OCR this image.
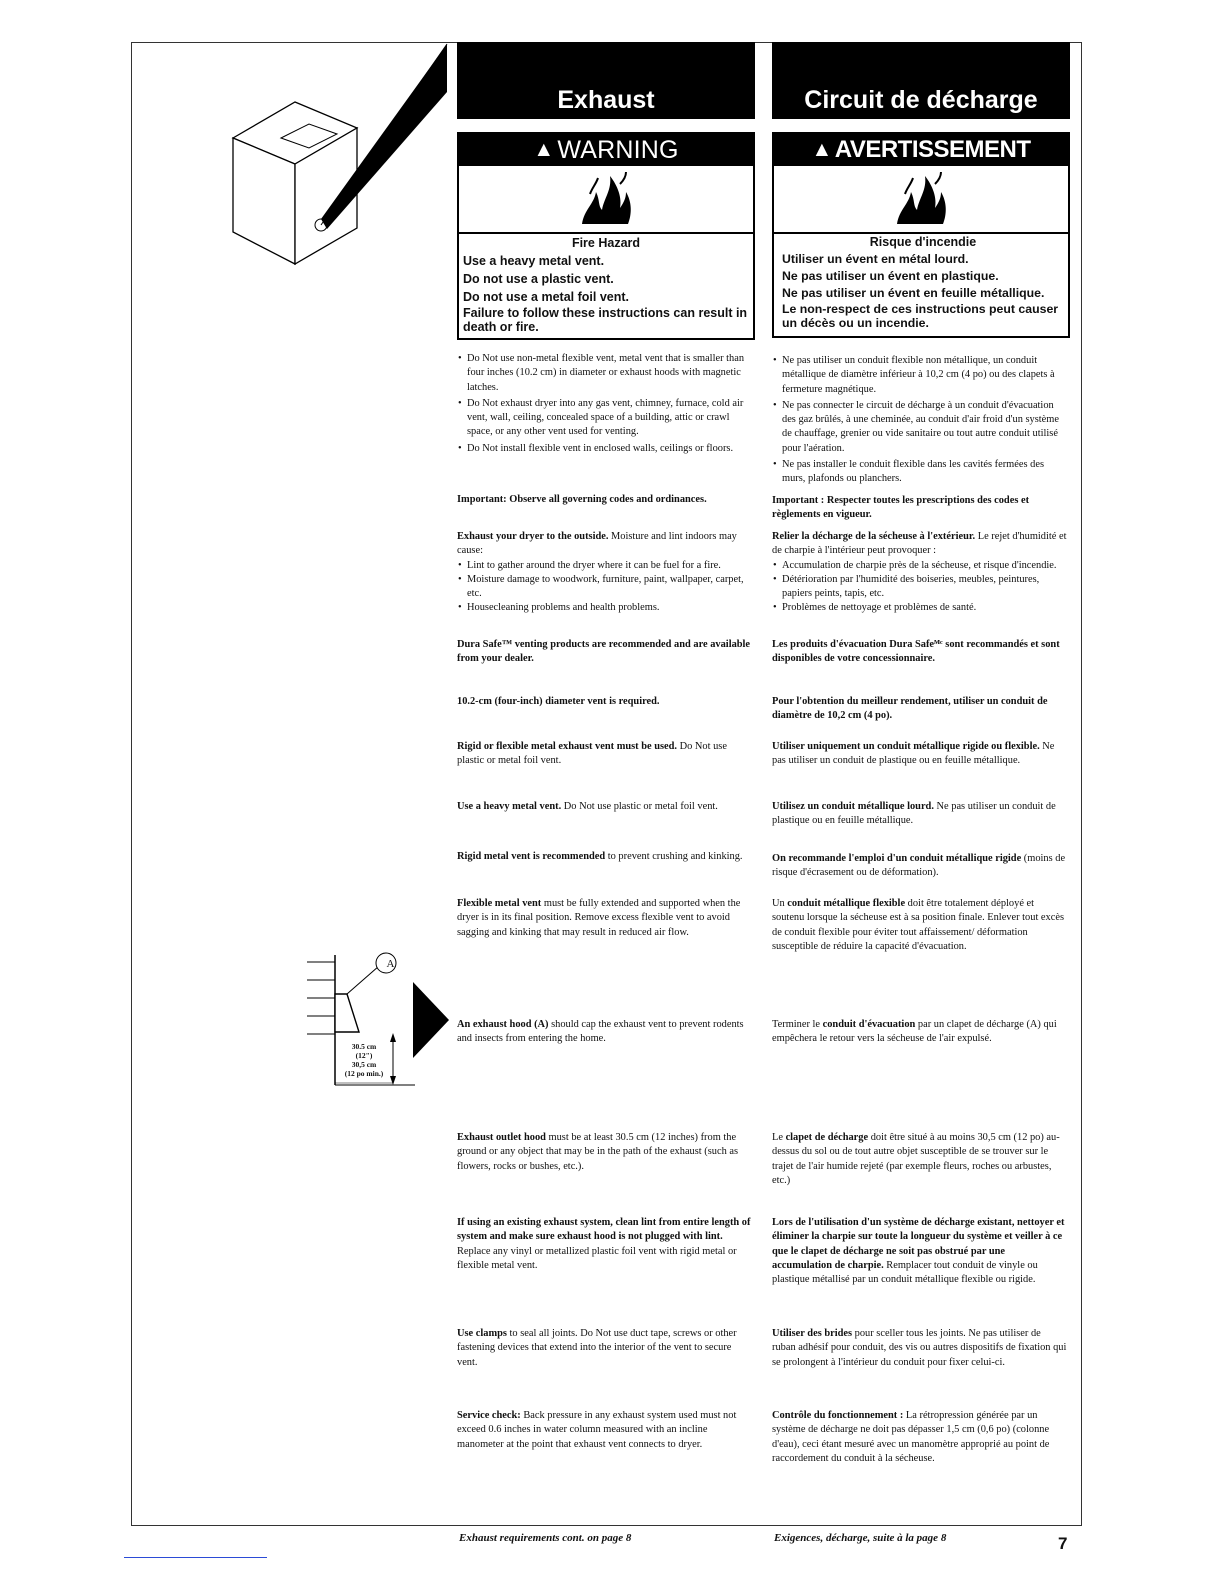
A
30.5 cm
(12")
30,5 cm
(12 po min.)
Exhaust
▲ WARNING
Fire Hazard
Use a heavy metal vent.
Do not use a plastic vent.
Do not use a metal foil vent.
Failure to follow these instructions can result in death or fire.
• Do Not use non-metal flexible vent, metal vent that is smaller than four inches (10.2 cm) in diameter or exhaust hoods with magnetic latches.
• Do Not exhaust dryer into any gas vent, chimney, furnace, cold air vent, wall, ceiling, concealed space of a building, attic or crawl space, or any other vent used for venting.
• Do Not install flexible vent in enclosed walls, ceilings or floors.
Important: Observe all governing codes and ordinances.
Exhaust your dryer to the outside. Moisture and lint indoors may cause:
• Lint to gather around the dryer where it can be fuel for a fire.
• Moisture damage to woodwork, furniture, paint, wallpaper, carpet, etc.
• Housecleaning problems and health problems.
Dura Safe™ venting products are recommended and are available from your dealer.
10.2-cm (four-inch) diameter vent is required.
Rigid or flexible metal exhaust vent must be used. Do Not use plastic or metal foil vent.
Use a heavy metal vent. Do Not use plastic or metal foil vent.
Rigid metal vent is recommended to prevent crushing and kinking.
Flexible metal vent must be fully extended and supported when the dryer is in its final position. Remove excess flexible vent to avoid sagging and kinking that may result in reduced air flow.
An exhaust hood (A) should cap the exhaust vent to prevent rodents and insects from entering the home.
Exhaust outlet hood must be at least 30.5 cm (12 inches) from the ground or any object that may be in the path of the exhaust (such as flowers, rocks or bushes, etc.).
If using an existing exhaust system, clean lint from entire length of system and make sure exhaust hood is not plugged with lint. Replace any vinyl or metallized plastic foil vent with rigid metal or flexible metal vent.
Use clamps to seal all joints. Do Not use duct tape, screws or other fastening devices that extend into the interior of the vent to secure vent.
Service check: Back pressure in any exhaust system used must not exceed 0.6 inches in water column measured with an incline manometer at the point that exhaust vent connects to dryer.
Circuit de décharge
▲ AVERTISSEMENT
Risque d'incendie
Utiliser un évent en métal lourd.
Ne pas utiliser un évent en plastique.
Ne pas utiliser un évent en feuille métallique.
Le non-respect de ces instructions peut causer un décès ou un incendie.
• Ne pas utiliser un conduit flexible non métallique, un conduit métallique de diamètre inférieur à 10,2 cm (4 po) ou des clapets à fermeture magnétique.
• Ne pas connecter le circuit de décharge à un conduit d'évacuation des gaz brûlés, à une cheminée, au conduit d'air froid d'un système de chauffage, grenier ou vide sanitaire ou tout autre conduit utilisé pour l'aération.
• Ne pas installer le conduit flexible dans les cavités fermées des murs, plafonds ou planchers.
Important : Respecter toutes les prescriptions des codes et règlements en vigueur.
Relier la décharge de la sécheuse à l'extérieur. Le rejet d'humidité et de charpie à l'intérieur peut provoquer :
• Accumulation de charpie près de la sécheuse, et risque d'incendie.
• Détérioration par l'humidité des boiseries, meubles, peintures, papiers peints, tapis, etc.
• Problèmes de nettoyage et problèmes de santé.
Les produits d'évacuation Dura Safeᴹᶜ sont recommandés et sont disponibles de votre concessionnaire.
Pour l'obtention du meilleur rendement, utiliser un conduit de diamètre de 10,2 cm (4 po).
Utiliser uniquement un conduit métallique rigide ou flexible. Ne pas utiliser un conduit de plastique ou en feuille métallique.
Utilisez un conduit métallique lourd. Ne pas utiliser un conduit de plastique ou en feuille métallique.
On recommande l'emploi d'un conduit métallique rigide (moins de risque d'écrasement ou de déformation).
Un conduit métallique flexible doit être totalement déployé et soutenu lorsque la sécheuse est à sa position finale. Enlever tout excès de conduit flexible pour éviter tout affaissement/ déformation susceptible de réduire la capacité d'évacuation.
Terminer le conduit d'évacuation par un clapet de décharge (A) qui empêchera le retour vers la sécheuse de l'air expulsé.
Le clapet de décharge doit être situé à au moins 30,5 cm (12 po) au-dessus du sol ou de tout autre objet susceptible de se trouver sur le trajet de l'air humide rejeté (par exemple fleurs, roches ou arbustes, etc.)
Lors de l'utilisation d'un système de décharge existant, nettoyer et éliminer la charpie sur toute la longueur du système et veiller à ce que le clapet de décharge ne soit pas obstrué par une accumulation de charpie. Remplacer tout conduit de vinyle ou plastique métallisé par un conduit métallique flexible ou rigide.
Utiliser des brides pour sceller tous les joints. Ne pas utiliser de ruban adhésif pour conduit, des vis ou autres dispositifs de fixation qui se prolongent à l'intérieur du conduit pour fixer celui-ci.
Contrôle du fonctionnement : La rétropression générée par un système de décharge ne doit pas dépasser 1,5 cm (0,6 po) (colonne d'eau), ceci étant mesuré avec un manomètre approprié au point de raccordement du conduit à la sécheuse.
Exhaust requirements cont. on page 8	Exigences, décharge, suite à la page 8	7
